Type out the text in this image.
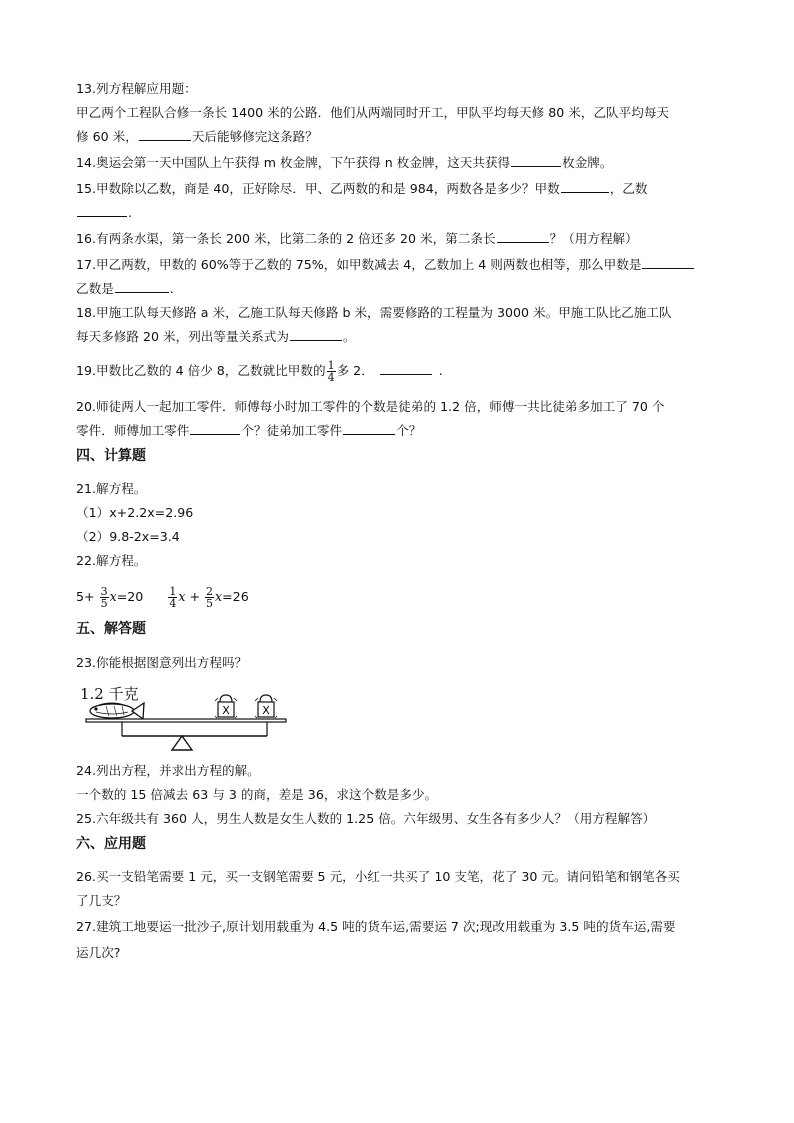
13.列方程解应用题：
甲乙两个工程队合修一条长 1400 米的公路．他们从两端同时开工，甲队平均每天修 80 米，乙队平均每天
修 60 米，	天后能够修完这条路？
14.奥运会第一天中国队上午获得 m 枚金牌，下午获得 n 枚金牌，这天共获得	枚金牌。
15.甲数除以乙数，商是 40，正好除尽．甲、乙两数的和是 984，两数各是多少？甲数	，乙数
.
16.有两条水渠，第一条长 200 米，比第二条的 2 倍还多 20 米，第二条长	？（用方程解）
17.甲乙两数，甲数的 60%等于乙数的 75%，如甲数减去 4，乙数加上 4 则两数也相等，那么甲数是
乙数是	.
18.甲施工队每天修路 a 米，乙施工队每天修路 b 米，需要修路的工程量为 3000 米。甲施工队比乙施工队
每天多修路 20 米，列出等量关系式为	。
19.甲数比乙数的 4 倍少 8，乙数就比甲数的 $\frac{1}{4}$ 多 2．	.
20.师徒两人一起加工零件．师傅每小时加工零件的个数是徒弟的 1.2 倍，师傅一共比徒弟多加工了 70 个
零件．师傅加工零件	个？徒弟加工零件	个？
四、计算题
21.解方程。
（1）x+2.2x=2.96
（2）9.8-2x=3.4
22.解方程。
$5+ \frac{3}{5} x=20 \frac{1}{4}$ $x + \frac{2}{5} x=26$
五、解答题
23.你能根据图意列出方程吗？
1.2 千克
X	X
24.列出方程，并求出方程的解。
一个数的 15 倍减去 63 与 3 的商，差是 36，求这个数是多少。
25.六年级共有 360 人，男生人数是女生人数的 1.25 倍。六年级男、女生各有多少人？（用方程解答）
六、应用题
26.买一支铅笔需要 1 元，买一支钢笔需要 5 元，小红一共买了 10 支笔，花了 30 元。请问铅笔和钢笔各买
了几支？
27.建筑工地要运一批沙子,原计划用载重为 4.5 吨的货车运,需要运 7 次;现改用载重为 3.5 吨的货车运,需要
运几次?
